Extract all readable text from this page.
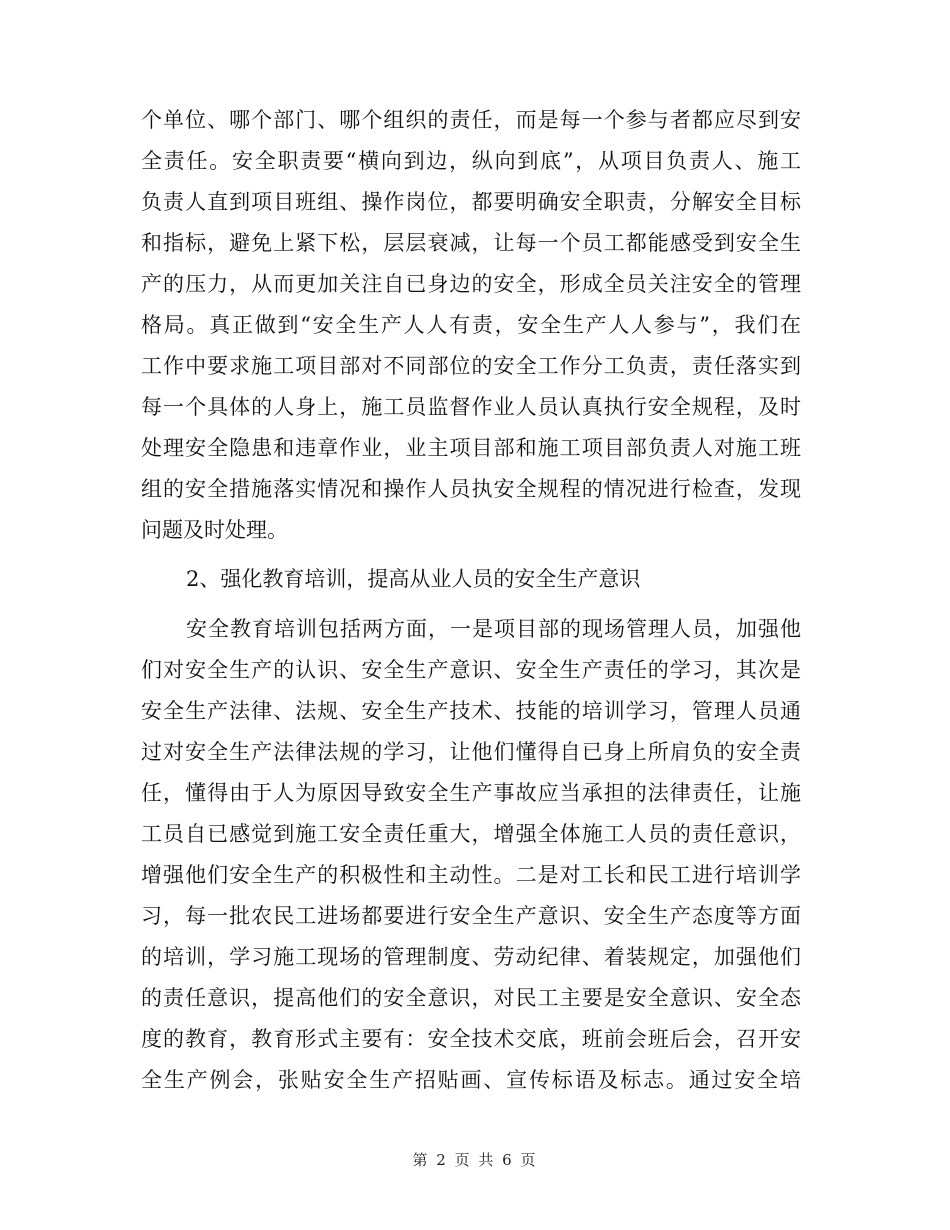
个单位、哪个部门、哪个组织的责任，而是每一个参与者都应尽到安
全责任。安全职责要“横向到边，纵向到底”，从项目负责人、施工
负责人直到项目班组、操作岗位，都要明确安全职责，分解安全目标
和指标，避免上紧下松，层层衰减，让每一个员工都能感受到安全生
产的压力，从而更加关注自已身边的安全，形成全员关注安全的管理
格局。真正做到“安全生产人人有责，安全生产人人参与”，我们在
工作中要求施工项目部对不同部位的安全工作分工负责，责任落实到
每一个具体的人身上，施工员监督作业人员认真执行安全规程，及时
处理安全隐患和违章作业，业主项目部和施工项目部负责人对施工班
组的安全措施落实情况和操作人员执安全规程的情况进行检查，发现
问题及时处理。
2、强化教育培训，提高从业人员的安全生产意识
安全教育培训包括两方面，一是项目部的现场管理人员，加强他
们对安全生产的认识、安全生产意识、安全生产责任的学习，其次是
安全生产法律、法规、安全生产技术、技能的培训学习，管理人员通
过对安全生产法律法规的学习，让他们懂得自已身上所肩负的安全责
任，懂得由于人为原因导致安全生产事故应当承担的法律责任，让施
工员自已感觉到施工安全责任重大，增强全体施工人员的责任意识，
增强他们安全生产的积极性和主动性。二是对工长和民工进行培训学
习，每一批农民工进场都要进行安全生产意识、安全生产态度等方面
的培训，学习施工现场的管理制度、劳动纪律、着装规定，加强他们
的责任意识，提高他们的安全意识，对民工主要是安全意识、安全态
度的教育，教育形式主要有：安全技术交底，班前会班后会，召开安
全生产例会，张贴安全生产招贴画、宣传标语及标志。通过安全培
第 2 页 共 6 页
